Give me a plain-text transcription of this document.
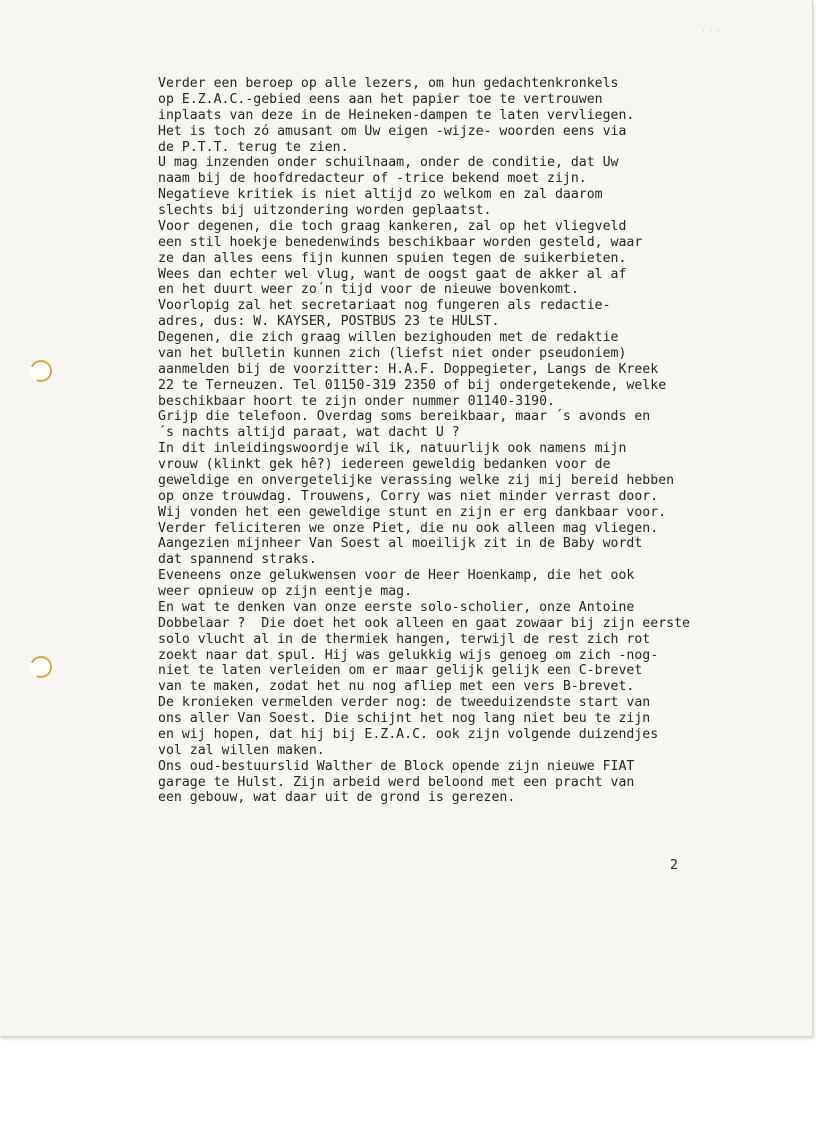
···
Verder een beroep op alle lezers, om hun gedachtenkronkels
op E.Z.A.C.-gebied eens aan het papier toe te vertrouwen
inplaats van deze in de Heineken-dampen te laten vervliegen.
Het is toch zó amusant om Uw eigen -wijze- woorden eens via
de P.T.T. terug te zien.
U mag inzenden onder schuilnaam, onder de conditie, dat Uw
naam bij de hoofdredacteur of -trice bekend moet zijn.
Negatieve kritiek is niet altijd zo welkom en zal daarom
slechts bij uitzondering worden geplaatst.
Voor degenen, die toch graag kankeren, zal op het vliegveld
een stil hoekje benedenwinds beschikbaar worden gesteld, waar
ze dan alles eens fijn kunnen spuien tegen de suikerbieten.
Wees dan echter wel vlug, want de oogst gaat de akker al af
en het duurt weer zo´n tijd voor de nieuwe bovenkomt.
Voorlopig zal het secretariaat nog fungeren als redactie-
adres, dus: W. KAYSER, POSTBUS 23 te HULST.
Degenen, die zich graag willen bezighouden met de redaktie
van het bulletin kunnen zich (liefst niet onder pseudoniem)
aanmelden bij de voorzitter: H.A.F. Doppegieter, Langs de Kreek
22 te Terneuzen. Tel 01150-319 2350 of bij ondergetekende, welke
beschikbaar hoort te zijn onder nummer 01140-3190.
Grijp die telefoon. Overdag soms bereikbaar, maar ´s avonds en
´s nachts altijd paraat, wat dacht U ?
In dit inleidingswoordje wil ik, natuurlijk ook namens mijn
vrouw (klinkt gek hê?) iedereen geweldig bedanken voor de
geweldige en onvergetelijke verassing welke zij mij bereid hebben
op onze trouwdag. Trouwens, Corry was niet minder verrast door.
Wij vonden het een geweldige stunt en zijn er erg dankbaar voor.
Verder feliciteren we onze Piet, die nu ook alleen mag vliegen.
Aangezien mijnheer Van Soest al moeilijk zit in de Baby wordt
dat spannend straks.
Eveneens onze gelukwensen voor de Heer Hoenkamp, die het ook
weer opnieuw op zijn eentje mag.
En wat te denken van onze eerste solo-scholier, onze Antoine
Dobbelaar ?  Die doet het ook alleen en gaat zowaar bij zijn eerste
solo vlucht al in de thermiek hangen, terwijl de rest zich rot
zoekt naar dat spul. Hij was gelukkig wijs genoeg om zich -nog-
niet te laten verleiden om er maar gelijk gelijk een C-brevet
van te maken, zodat het nu nog afliep met een vers B-brevet.
De kronieken vermelden verder nog: de tweeduizendste start van
ons aller Van Soest. Die schijnt het nog lang niet beu te zijn
en wij hopen, dat hij bij E.Z.A.C. ook zijn volgende duizendjes
vol zal willen maken.
Ons oud-bestuurslid Walther de Block opende zijn nieuwe FIAT
garage te Hulst. Zijn arbeid werd beloond met een pracht van
een gebouw, wat daar uit de grond is gerezen.
2
